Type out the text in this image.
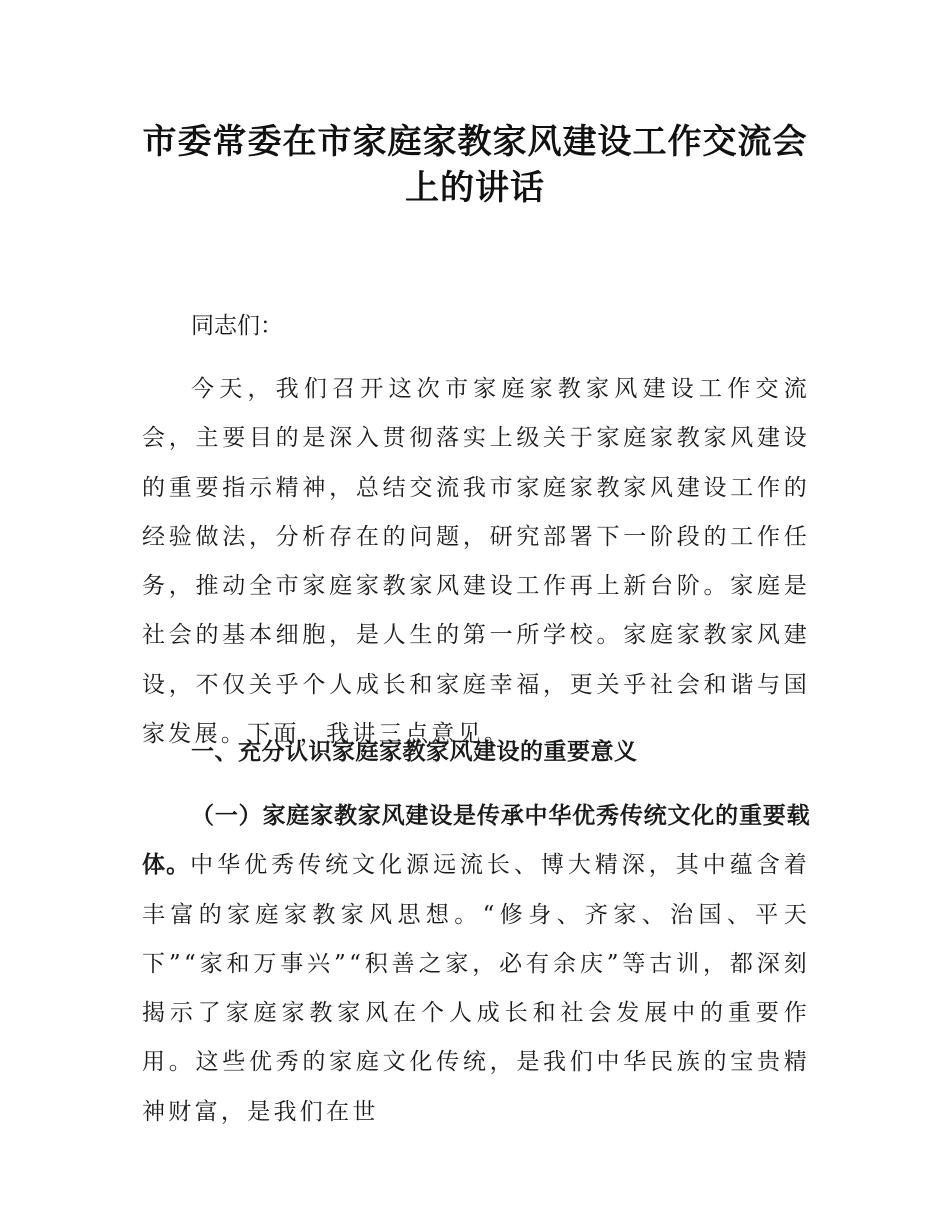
市委常委在市家庭家教家风建设工作交流会
上的讲话
同志们：
今天，我们召开这次市家庭家教家风建设工作交流会，主要目的是深入贯彻落实上级关于家庭家教家风建设的重要指示精神，总结交流我市家庭家教家风建设工作的经验做法，分析存在的问题，研究部署下一阶段的工作任务，推动全市家庭家教家风建设工作再上新台阶。家庭是社会的基本细胞，是人生的第一所学校。家庭家教家风建设，不仅关乎个人成长和家庭幸福，更关乎社会和谐与国家发展。下面，我讲三点意见。
一、充分认识家庭家教家风建设的重要意义
（一）家庭家教家风建设是传承中华优秀传统文化的重要载体。中华优秀传统文化源远流长、博大精深，其中蕴含着丰富的家庭家教家风思想。“修身、齐家、治国、平天下”“家和万事兴”“积善之家，必有余庆”等古训，都深刻揭示了家庭家教家风在个人成长和社会发展中的重要作用。这些优秀的家庭文化传统，是我们中华民族的宝贵精神财富，是我们在世
